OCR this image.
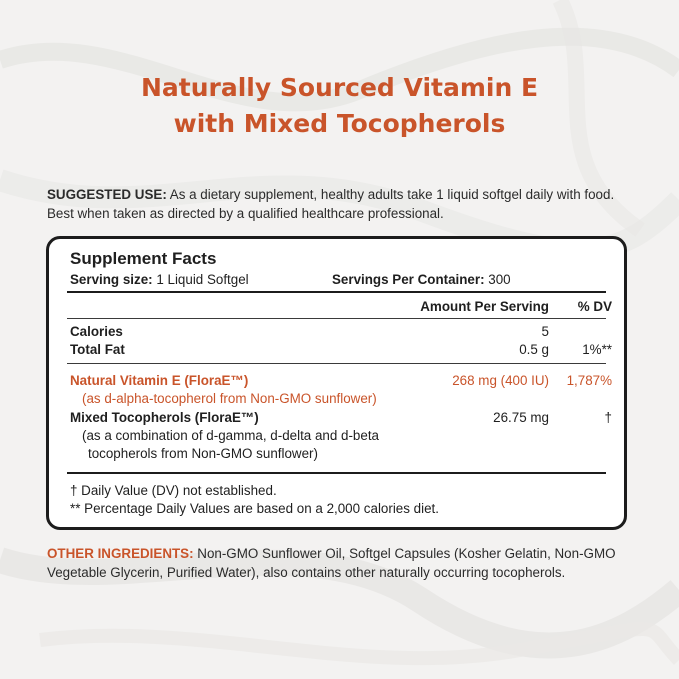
Naturally Sourced Vitamin E
with Mixed Tocopherols
SUGGESTED USE: As a dietary supplement, healthy adults take 1 liquid softgel daily with food. Best when taken as directed by a qualified healthcare professional.
Supplement Facts
Serving size: 1 Liquid Softgel	Servings Per Container: 300
Amount Per Serving	% DV
Calories	5
Total Fat	0.5 g	1%**
Natural Vitamin E (FloraE™)	268 mg (400 IU)	1,787%
(as d-alpha-tocopherol from Non-GMO sunflower)
Mixed Tocopherols (FloraE™)	26.75 mg	†
(as a combination of d-gamma, d-delta and d-beta
tocopherols from Non-GMO sunflower)
† Daily Value (DV) not established.
** Percentage Daily Values are based on a 2,000 calories diet.
OTHER INGREDIENTS: Non-GMO Sunflower Oil, Softgel Capsules (Kosher Gelatin, Non-GMO Vegetable Glycerin, Purified Water), also contains other naturally occurring tocopherols.
